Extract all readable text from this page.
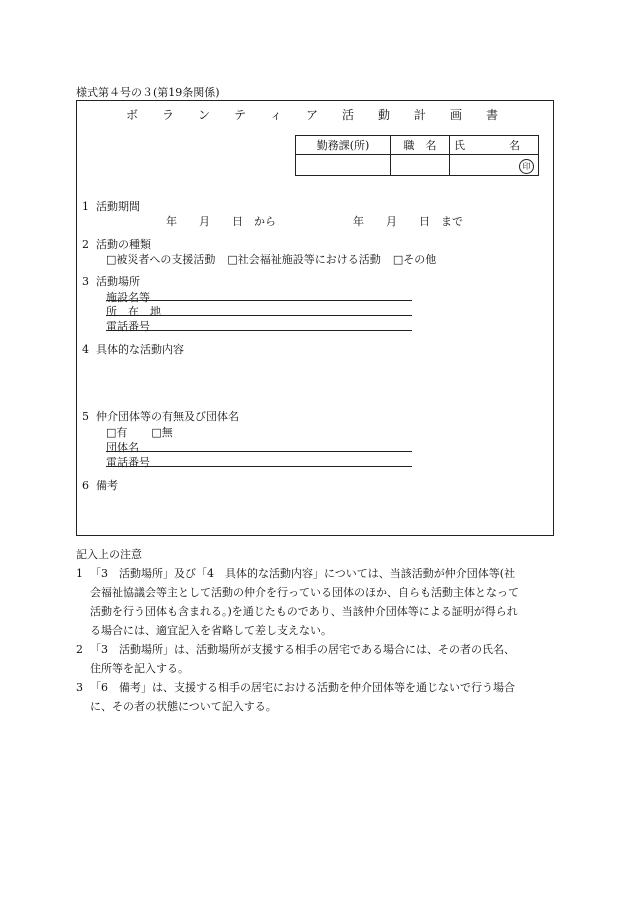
様式第４号の３(第19条関係)
ボ　ラ　ン　テ　ィ　ア　活　動　計　画　書
勤務課(所)	職　名	氏　　　　名

		印
1 活動期間
年　　月　　日　から　　　　　　　年　　月　　日　まで
2 活動の種類
□被災者への支援活動 □社会福祉施設等における活動 □その他
3 活動場所
施設名等
所　在　地
電話番号
4 具体的な活動内容
5 仲介団体等の有無及び団体名
□有 □無
団体名
電話番号
6 備考
記入上の注意
1 「3　活動場所」及び「4　具体的な活動内容」については、当該活動が仲介団体等(社
会福祉協議会等主として活動の仲介を行っている団体のほか、自らも活動主体となって
活動を行う団体も含まれる。)を通じたものであり、当該仲介団体等による証明が得られ
る場合には、適宜記入を省略して差し支えない。
2 「3　活動場所」は、活動場所が支援する相手の居宅である場合には、その者の氏名、
住所等を記入する。
3 「6　備考」は、支援する相手の居宅における活動を仲介団体等を通じないで行う場合
に、その者の状態について記入する。
